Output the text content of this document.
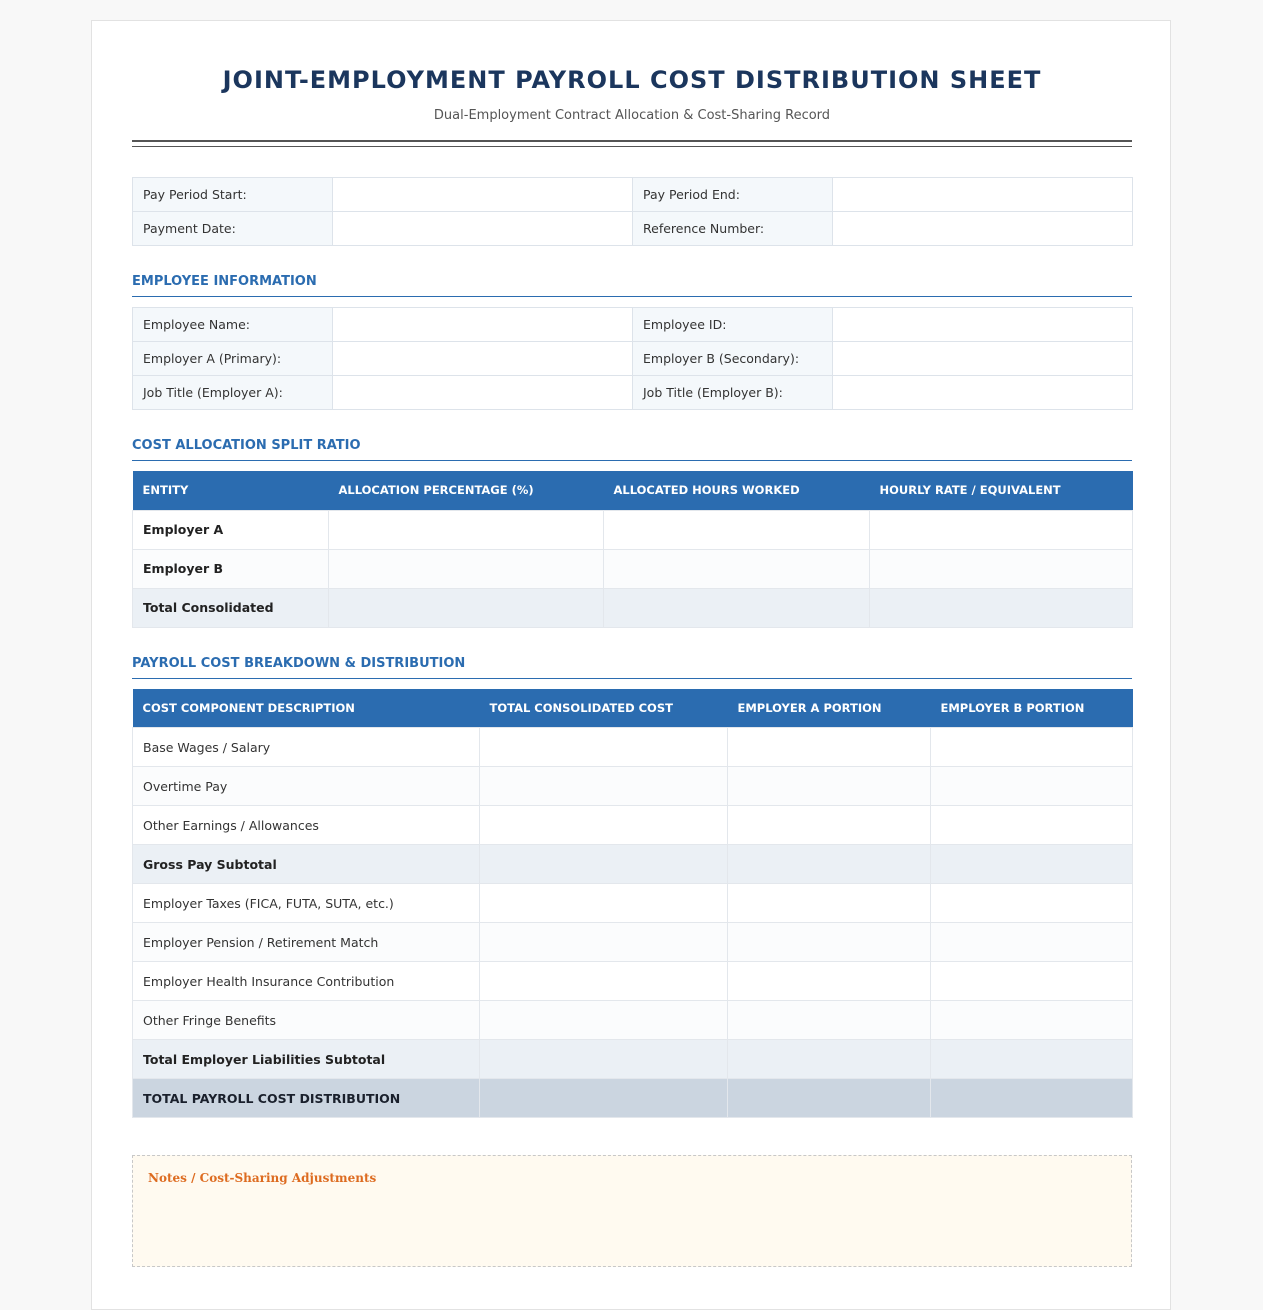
JOINT-EMPLOYMENT PAYROLL COST DISTRIBUTION SHEET
Dual-Employment Contract Allocation & Cost-Sharing Record
Pay Period Start:		Pay Period End:	
Payment Date:		Reference Number:	
EMPLOYEE INFORMATION
Employee Name:		Employee ID:	
Employer A (Primary):		Employer B (Secondary):	
Job Title (Employer A):		Job Title (Employer B):	
COST ALLOCATION SPLIT RATIO
ENTITY	ALLOCATION PERCENTAGE (%)	ALLOCATED HOURS WORKED	HOURLY RATE / EQUIVALENT
Employer A			
Employer B			
Total Consolidated			
PAYROLL COST BREAKDOWN & DISTRIBUTION
COST COMPONENT DESCRIPTION	TOTAL CONSOLIDATED COST	EMPLOYER A PORTION	EMPLOYER B PORTION
Base Wages / Salary			
Overtime Pay			
Other Earnings / Allowances			
Gross Pay Subtotal			
Employer Taxes (FICA, FUTA, SUTA, etc.)			
Employer Pension / Retirement Match			
Employer Health Insurance Contribution			
Other Fringe Benefits			
Total Employer Liabilities Subtotal			
TOTAL PAYROLL COST DISTRIBUTION			
Notes / Cost-Sharing Adjustments
